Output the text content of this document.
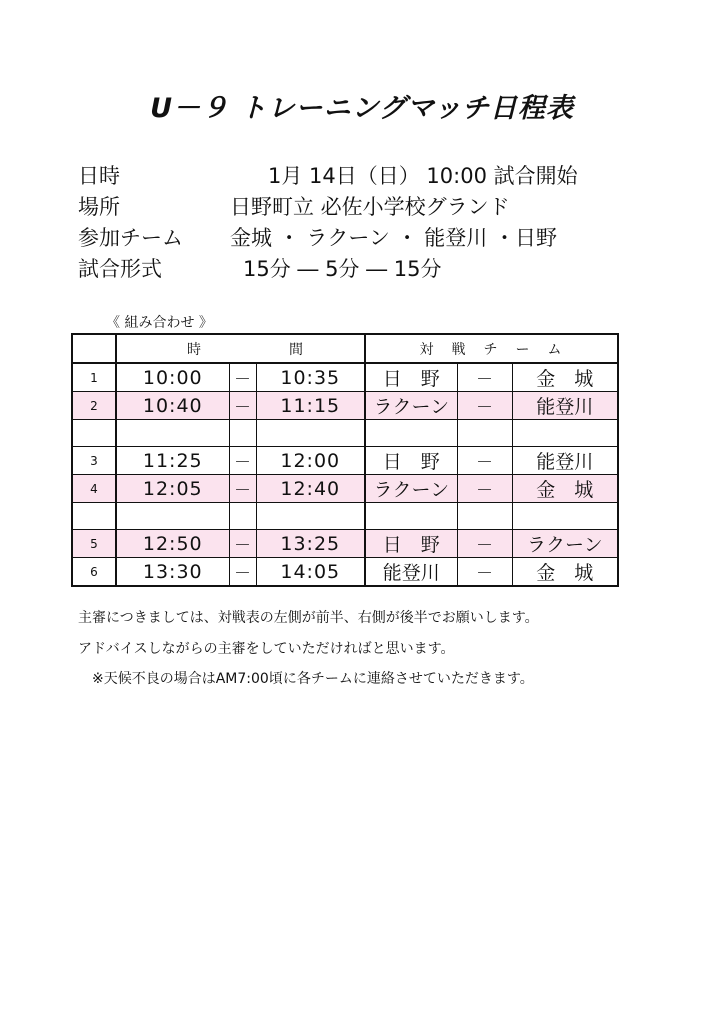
U－９ トレーニングマッチ日程表
日時	1月 14日（日） 10:00 試合開始
場所	日野町立 必佐小学校グランド
参加チーム 金城 ・ ラクーン ・ 能登川 ・日野
試合形式	15分 ― 5分 ― 15分
《 組み合わせ 》

	時 間			対　戦　チ　ー　ム		
1	10:00	－	10:35	日　野	－	金　城
2	10:40	－	11:15	ラクーン	－	能登川

3	11:25	－	12:00	日　野	－	能登川
4	12:05	－	12:40	ラクーン	－	金　城

5	12:50	－	13:25	日　野	－	ラクーン
6	13:30	－	14:05	能登川	－	金　城
主審につきましては、対戦表の左側が前半、右側が後半でお願いします。
アドバイスしながらの主審をしていただければと思います。
※天候不良の場合はAM7:00頃に各チームに連絡させていただきます。
